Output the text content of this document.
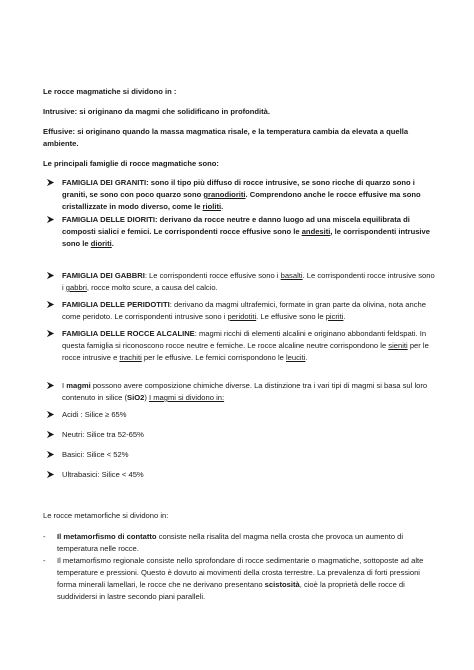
Le rocce magmatiche si dividono in :

Intrusive: si originano da magmi che solidificano in profondità.

Effusive: si originano quando la massa magmatica risale, e la temperatura cambia da elevata a quella ambiente.

Le principali famiglie di rocce magmatiche sono:

FAMIGLIA DEI GRANITI: sono il tipo più diffuso di rocce intrusive, se sono ricche di quarzo sono i graniti, se sono con poco quarzo sono granodioriti. Comprendono anche le rocce effusive ma sono cristallizzate in modo diverso, come le rioliti.
FAMIGLIA DELLE DIORITI: derivano da rocce neutre e danno luogo ad una miscela equilibrata di composti sialici e femici. Le corrispondenti rocce effusive sono le andesiti, le corrispondenti intrusive sono le dioriti.
FAMIGLIA DEI GABBRI: Le corrispondenti rocce effusive sono i basalti. Le corrispondenti rocce intrusive sono i gabbri, rocce molto scure, a causa del calcio.
FAMIGLIA DELLE PERIDOTITI: derivano da magmi ultrafemici, formate in gran parte da olivina, nota anche come peridoto. Le corrispondenti intrusive sono i peridotiti. Le effusive sono le picriti.
FAMIGLIA DELLE ROCCE ALCALINE: magmi ricchi di elementi alcalini e originano abbondanti feldspati. In questa famiglia si riconoscono rocce neutre e femiche. Le rocce alcaline neutre corrispondono le sieniti per le rocce intrusive e trachiti per le effusive. Le femici corrispondono le leuciti.
I magmi possono avere composizione chimiche diverse. La distinzione tra i vari tipi di magmi si basa sul loro contenuto in silice (SiO2) I magmi si dividono in:
Acidi : Silice ≥ 65%
Neutri: Silice tra 52-65%
Basici: Silice < 52%
Ultrabasici: Silice < 45%

Le rocce metamorfiche si dividono in:

- Il metamorfismo di contatto consiste nella risalita del magma nella crosta che provoca un aumento di temperatura nelle rocce.
- Il metamorfismo regionale consiste nello sprofondare di rocce sedimentarie o magmatiche, sottoposte ad alte temperature e pressioni. Questo è dovuto ai movimenti della crosta terrestre. La prevalenza di forti pressioni forma minerali lamellari, le rocce che ne derivano presentano scistosità, cioè la proprietà delle rocce di suddividersi in lastre secondo piani paralleli.
